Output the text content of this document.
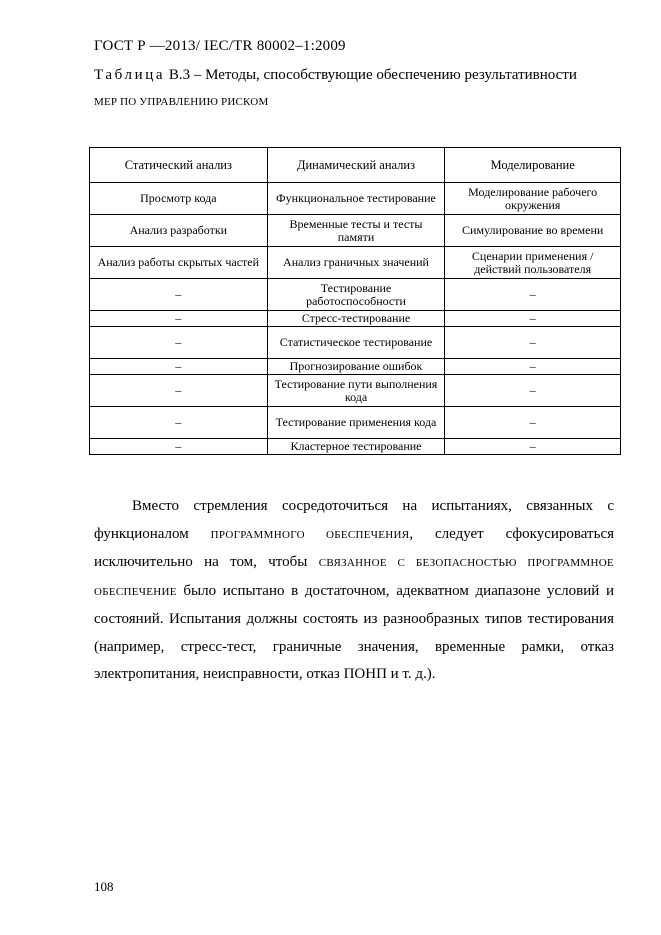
ГОСТ Р —2013/ IEC/TR 80002–1:2009
Таблица В.3 – Методы, способствующие обеспечению результативности
МЕР ПО УПРАВЛЕНИЮ РИСКОМ
Статический анализ	Динамический анализ	Моделирование
Просмотр кода	Функциональное тестирование	Моделирование рабочего окружения
Анализ разработки	Временные тесты и тесты памяти	Симулирование во времени
Анализ работы скрытых частей	Анализ граничных значений	Сценарии применения / действий пользователя
–	Тестирование работоспособности	–
–	Стресс-тестирование	–
–	Статистическое тестирование	–
–	Прогнозирование ошибок	–
–	Тестирование пути выполнения кода	–
–	Тестирование применения кода	–
–	Кластерное тестирование	–
Вместо стремления сосредоточиться на испытаниях, связанных с функционалом ПРОГРАММНОГО ОБЕСПЕЧЕНИЯ, следует сфокусироваться исключительно на том, чтобы СВЯЗАННОЕ С БЕЗОПАСНОСТЬЮ ПРОГРАММНОЕ ОБЕСПЕЧЕНИЕ было испытано в достаточном, адекватном диапазоне условий и состояний. Испытания должны состоять из разнообразных типов тестирования (например, стресс-тест, граничные значения, временные рамки, отказ электропитания, неисправности, отказ ПОНП и т. д.).
108
